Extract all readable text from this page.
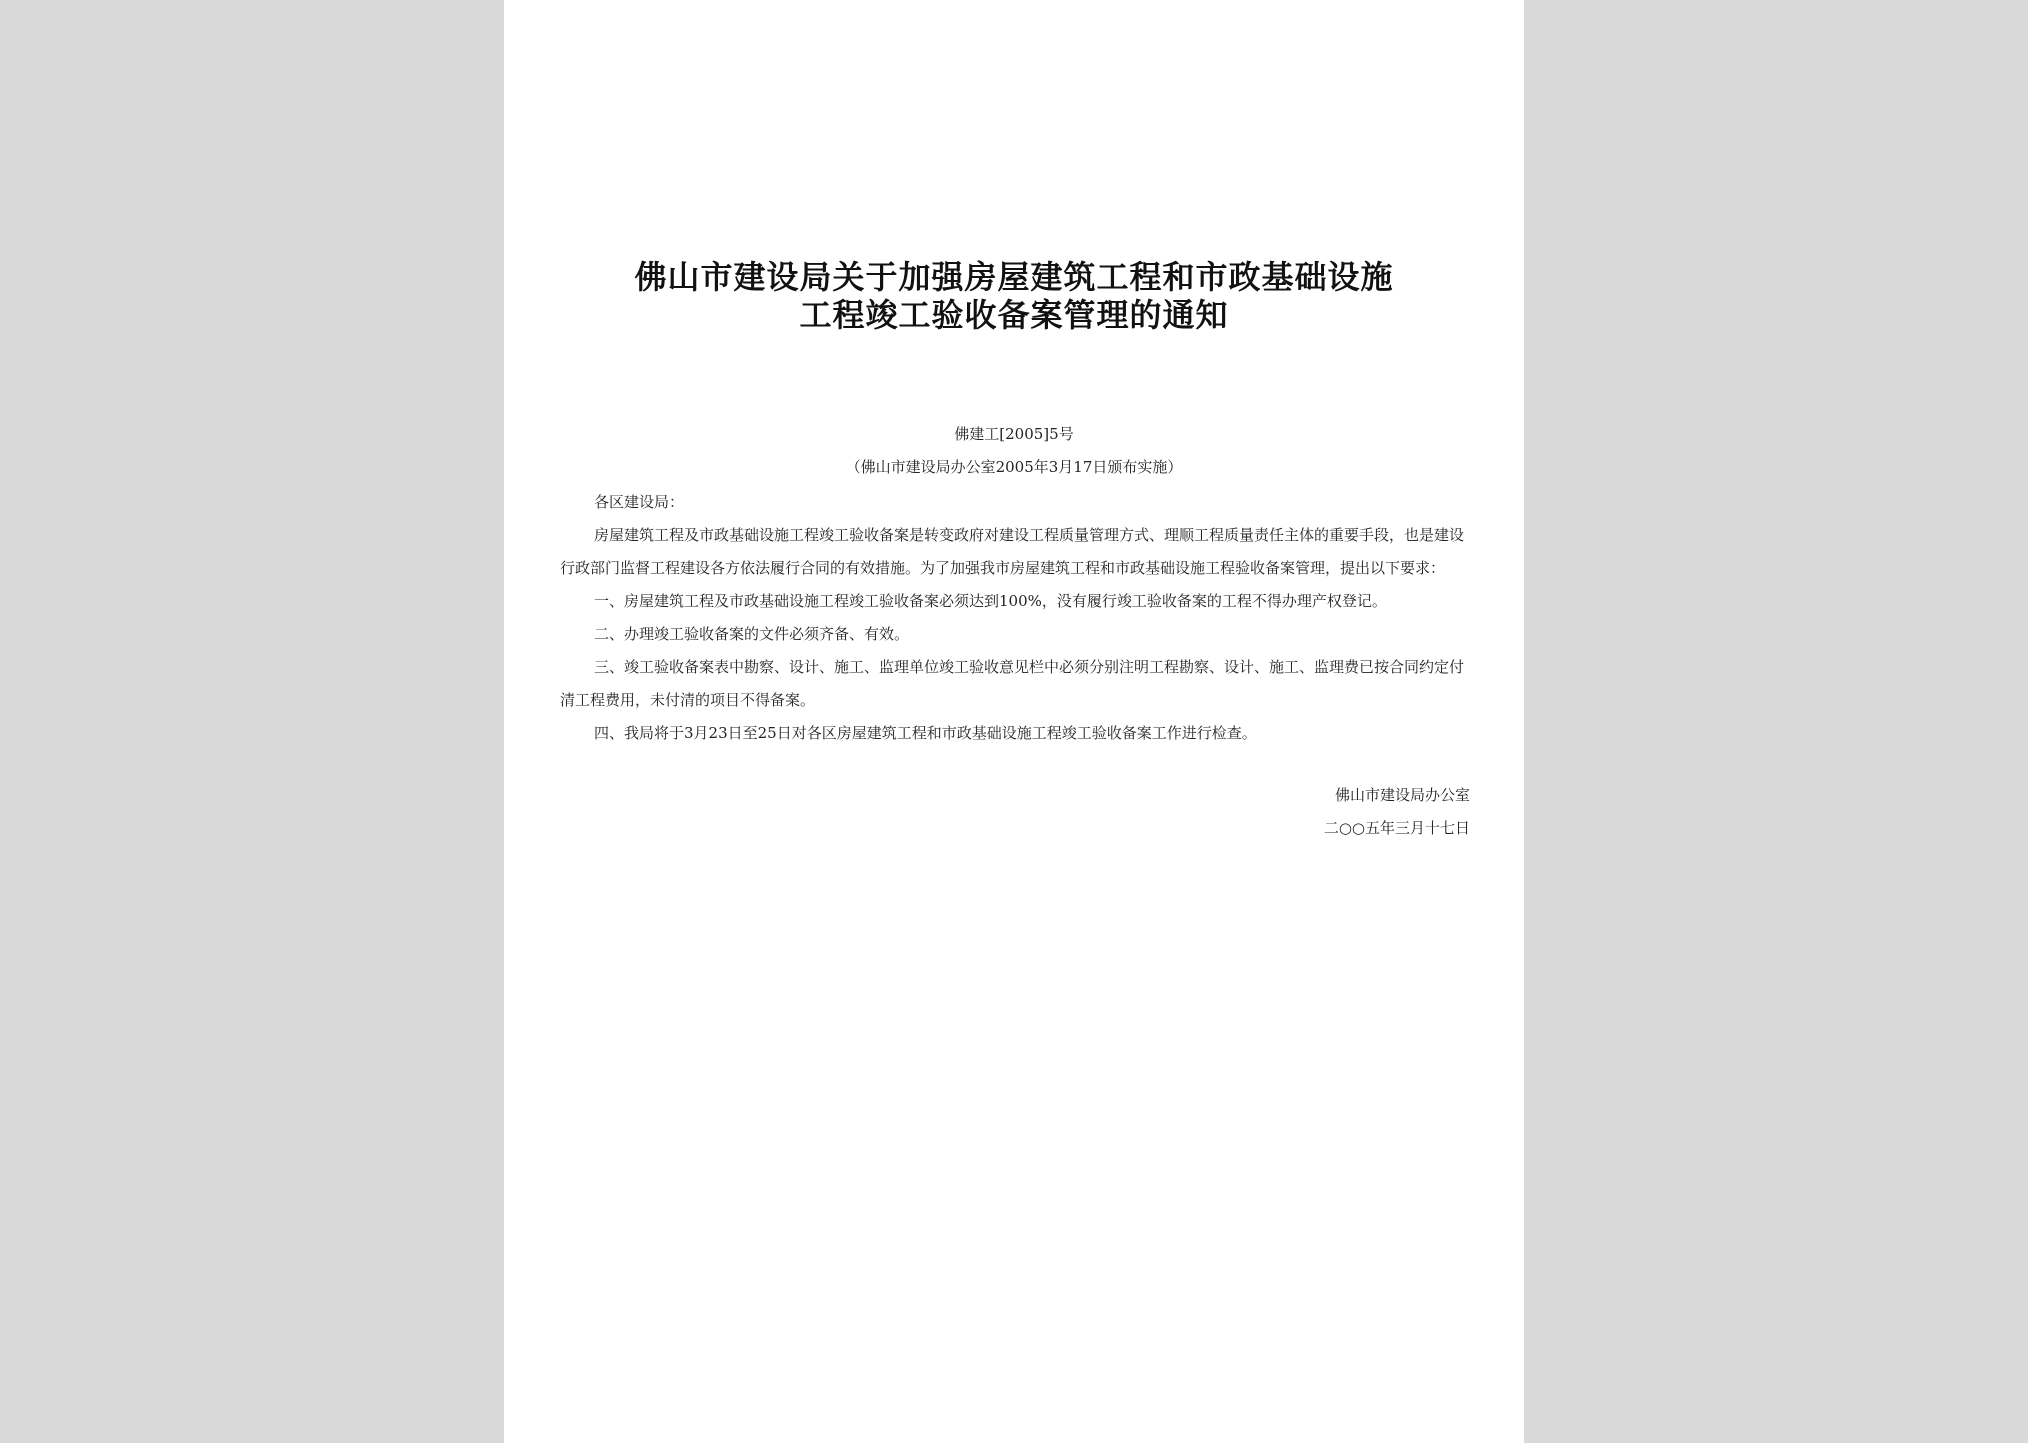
佛山市建设局关于加强房屋建筑工程和市政基础设施
工程竣工验收备案管理的通知
佛建工[2005]5号
（佛山市建设局办公室2005年3月17日颁布实施）

各区建设局：

房屋建筑工程及市政基础设施工程竣工验收备案是转变政府对建设工程质量管理方式、理顺工程质量责任主体的重要手段，也是建设行政部门监督工程建设各方依法履行合同的有效措施。为了加强我市房屋建筑工程和市政基础设施工程验收备案管理，提出以下要求：

一、房屋建筑工程及市政基础设施工程竣工验收备案必须达到100%，没有履行竣工验收备案的工程不得办理产权登记。

二、办理竣工验收备案的文件必须齐备、有效。

三、竣工验收备案表中勘察、设计、施工、监理单位竣工验收意见栏中必须分别注明工程勘察、设计、施工、监理费已按合同约定付清工程费用，未付清的项目不得备案。

四、我局将于3月23日至25日对各区房屋建筑工程和市政基础设施工程竣工验收备案工作进行检查。

佛山市建设局办公室
二○○五年三月十七日
